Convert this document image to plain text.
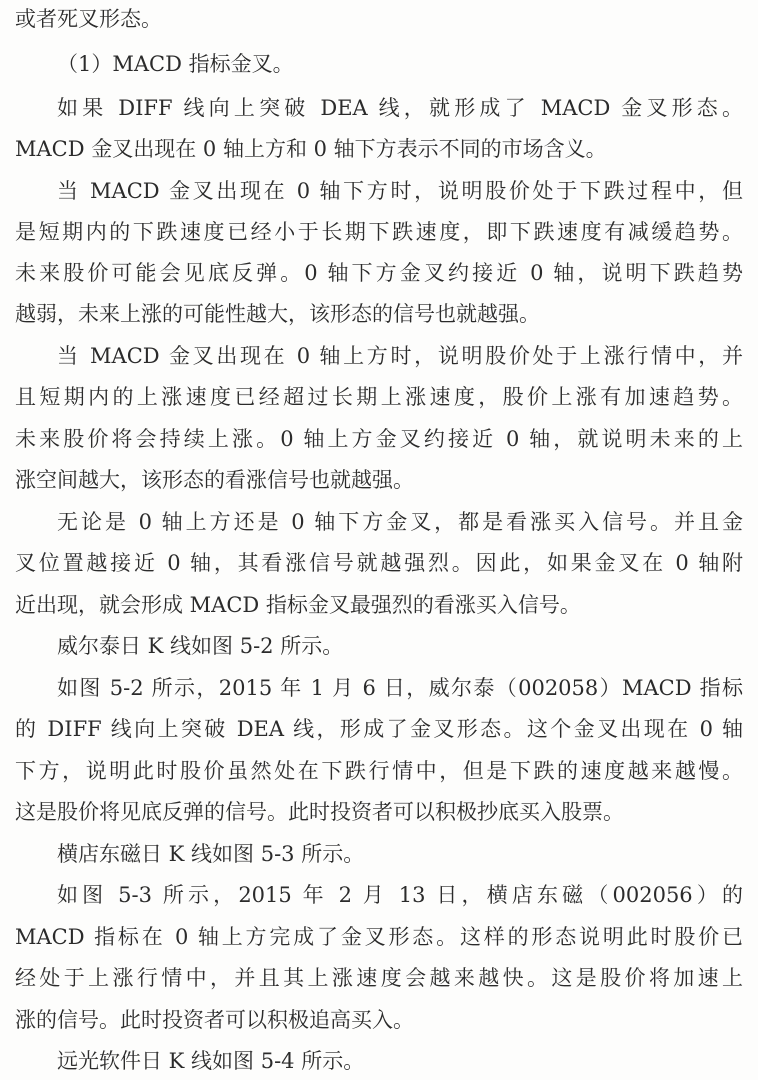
或者死叉形态。
（1）MACD 指标金叉。
如果 DIFF 线向上突破 DEA 线，就形成了 MACD 金叉形态。
MACD 金叉出现在 0 轴上方和 0 轴下方表示不同的市场含义。
当 MACD 金叉出现在 0 轴下方时，说明股价处于下跌过程中，但
是短期内的下跌速度已经小于长期下跌速度，即下跌速度有减缓趋势。
未来股价可能会见底反弹。0 轴下方金叉约接近 0 轴，说明下跌趋势
越弱，未来上涨的可能性越大，该形态的信号也就越强。
当 MACD 金叉出现在 0 轴上方时，说明股价处于上涨行情中，并
且短期内的上涨速度已经超过长期上涨速度，股价上涨有加速趋势。
未来股价将会持续上涨。0 轴上方金叉约接近 0 轴，就说明未来的上
涨空间越大，该形态的看涨信号也就越强。
无论是 0 轴上方还是 0 轴下方金叉，都是看涨买入信号。并且金
叉位置越接近 0 轴，其看涨信号就越强烈。因此，如果金叉在 0 轴附
近出现，就会形成 MACD 指标金叉最强烈的看涨买入信号。
威尔泰日 K 线如图 5-2 所示。
如图 5-2 所示，2015 年 1 月 6 日，威尔泰（002058）MACD 指标
的 DIFF 线向上突破 DEA 线，形成了金叉形态。这个金叉出现在 0 轴
下方，说明此时股价虽然处在下跌行情中，但是下跌的速度越来越慢。
这是股价将见底反弹的信号。此时投资者可以积极抄底买入股票。
横店东磁日 K 线如图 5-3 所示。
如图 5-3 所示，2015 年 2 月 13 日，横店东磁（002056）的
MACD 指标在 0 轴上方完成了金叉形态。这样的形态说明此时股价已
经处于上涨行情中，并且其上涨速度会越来越快。这是股价将加速上
涨的信号。此时投资者可以积极追高买入。
远光软件日 K 线如图 5-4 所示。
